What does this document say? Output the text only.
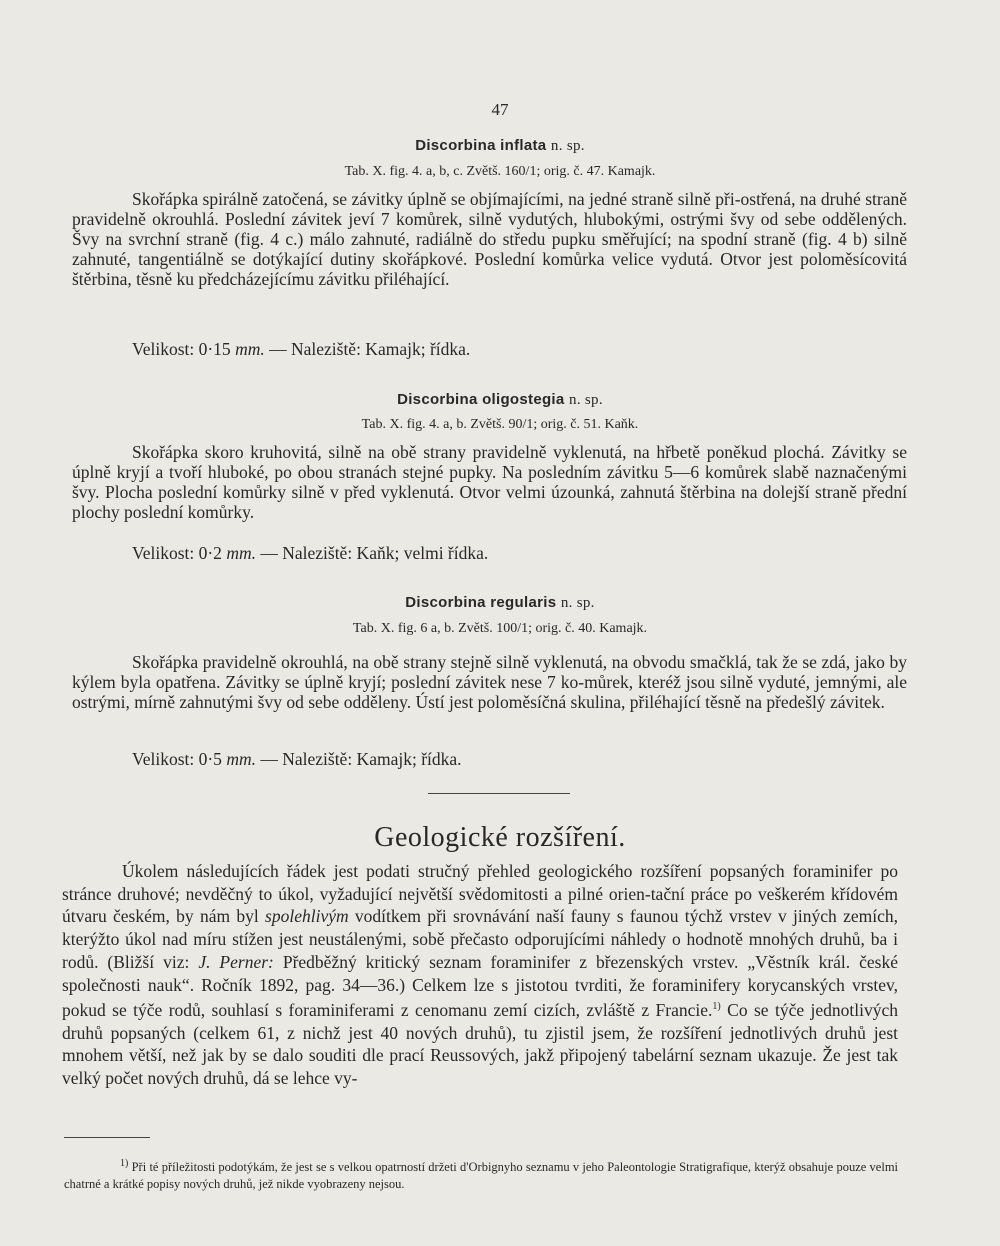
47
Discorbina inflata n. sp.
Tab. X. fig. 4. a, b, c. Zvětš. 160/1; orig. č. 47. Kamajk.
Skořápka spirálně zatočená, se závitky úplně se objímajícími, na jedné straně silně při-ostřená, na druhé straně pravidelně okrouhlá. Poslední závitek jeví 7 komůrek, silně vydutých, hlubokými, ostrými švy od sebe oddělených. Švy na svrchní straně (fig. 4 c.) málo zahnuté, radiálně do středu pupku směřující; na spodní straně (fig. 4 b) silně zahnuté, tangentiálně se dotýkající dutiny skořápkové. Poslední komůrka velice vydutá. Otvor jest poloměsícovitá štěrbina, těsně ku předcházejícímu závitku přiléhající.
Velikost: 0·15 mm. — Naleziště: Kamajk; řídka.
Discorbina oligostegia n. sp.
Tab. X. fig. 4. a, b. Zvětš. 90/1; orig. č. 51. Kaňk.
Skořápka skoro kruhovitá, silně na obě strany pravidelně vyklenutá, na hřbetě poněkud plochá. Závitky se úplně kryjí a tvoří hluboké, po obou stranách stejné pupky. Na posledním závitku 5—6 komůrek slabě naznačenými švy. Plocha poslední komůrky silně v před vyklenutá. Otvor velmi úzounká, zahnutá štěrbina na dolejší straně přední plochy poslední komůrky.
Velikost: 0·2 mm. — Naleziště: Kaňk; velmi řídka.
Discorbina regularis n. sp.
Tab. X. fig. 6 a, b. Zvětš. 100/1; orig. č. 40. Kamajk.
Skořápka pravidelně okrouhlá, na obě strany stejně silně vyklenutá, na obvodu smačklá, tak že se zdá, jako by kýlem byla opatřena. Závitky se úplně kryjí; poslední závitek nese 7 ko-můrek, kteréž jsou silně vyduté, jemnými, ale ostrými, mírně zahnutými švy od sebe odděleny. Ústí jest poloměsíčná skulina, přiléhající těsně na předešlý závitek.
Velikost: 0·5 mm. — Naleziště: Kamajk; řídka.
Geologické rozšíření.
Úkolem následujících řádek jest podati stručný přehled geologického rozšíření popsaných foraminifer po stránce druhové; nevděčný to úkol, vyžadující největší svědomitosti a pilné orien-tační práce po veškerém křídovém útvaru českém, by nám byl spolehlivým vodítkem při srovnávání naší fauny s faunou týchž vrstev v jiných zemích, kterýžto úkol nad míru stížen jest neustálenými, sobě přečasto odporujícími náhledy o hodnotě mnohých druhů, ba i rodů. (Bližší viz: J. Perner: Předběžný kritický seznam foraminifer z březenských vrstev. „Věstník král. české společnosti nauk“. Ročník 1892, pag. 34—36.) Celkem lze s jistotou tvrditi, že foraminifery korycanských vrstev, pokud se týče rodů, souhlasí s foraminiferami z cenomanu zemí cizích, zvláště z Francie.$^{1)}$ Co se týče jednotlivých druhů popsaných (celkem 61, z nichž jest 40 nových druhů), tu zjistil jsem, že rozšíření jednotlivých druhů jest mnohem větší, než jak by se dalo souditi dle prací Reussových, jakž připojený tabelární seznam ukazuje. Že jest tak velký počet nových druhů, dá se lehce vy-
$^{1)}$ Při té příležitosti podotýkám, že jest se s velkou opatrností držeti d'Orbignyho seznamu v jeho Paleontologie Stratigrafique, kterýž obsahuje pouze velmi chatrné a krátké popisy nových druhů, jež nikde vyobrazeny nejsou.
